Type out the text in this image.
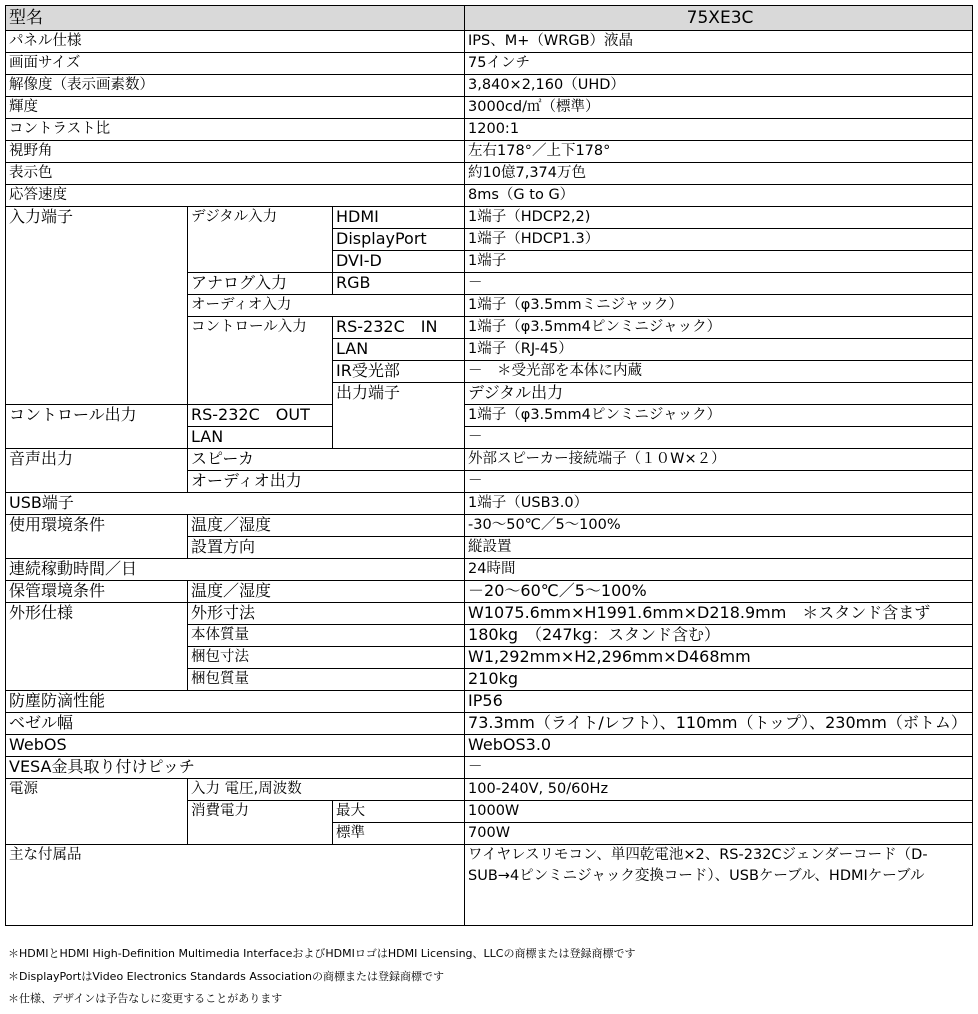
型名			75XE3C	
パネル仕様			IPS、M+（WRGB）液晶	
画面サイズ			75インチ	
解像度（表示画素数）			3,840×2,160（UHD）	
輝度			3000cd/㎡（標準）	
コントラスト比			1200:1	
視野角			左右178°／上下178°	
表示色			約10億7,374万色	
応答速度			8ms（G to G）	
入力端子	デジタル入力	HDMI	1端子（HDCP2,2)	
		DisplayPort	1端子（HDCP1.3）	
		DVI-D	1端子	
	アナログ入力	RGB	－	
	オーディオ入力		1端子（φ3.5mmミニジャック）	
	コントロール入力	RS-232C　IN	1端子（φ3.5mm4ピンミニジャック）	
		LAN	1端子（RJ-45）	
		IR受光部	－　＊受光部を本体に内蔵	
		出力端子	デジタル出力		
コントロール出力	RS-232C　OUT		1端子（φ3.5mm4ピンミニジャック）	
	LAN		－	
音声出力	スピーカ		外部スピーカー接続端子（１０W×２）	
	オーディオ出力		－	
USB端子			1端子（USB3.0）	
使用環境条件	温度／湿度		-30～50℃／5～100%	
	設置方向		縦設置	
連続稼動時間／日			24時間	
保管環境条件	温度／湿度		－20～60℃／5～100%	
外形仕様	外形寸法		W1075.6mm×H1991.6mm×D218.9mm　＊スタンド含まず	
	本体質量		180kg　（247kg：スタンド含む）	
	梱包寸法		W1,292mm×H2,296mm×D468mm	
	梱包質量		210kg	
防塵防滴性能			IP56	
ベゼル幅			73.3mm（ライト/レフト）、110mm（トップ）、230mm（ボトム）	
WebOS			WebOS3.0	
VESA金具取り付けピッチ			－	
電源	入力 電圧,周波数		100-240V, 50/60Hz	
	消費電力	最大	1000W	
		標準	700W	
主な付属品			ワイヤレスリモコン、単四乾電池×2、RS-232Cジェンダーコード（D-SUB→4ピンミニジャック変換コード）、USBケーブル、HDMIケーブル	

＊HDMIとHDMI High-Definition Multimedia InterfaceおよびHDMIロゴはHDMI Licensing、LLCの商標または登録商標です

＊DisplayPortはVideo Electronics Standards Associationの商標または登録商標です

＊仕様、デザインは予告なしに変更することがあります
